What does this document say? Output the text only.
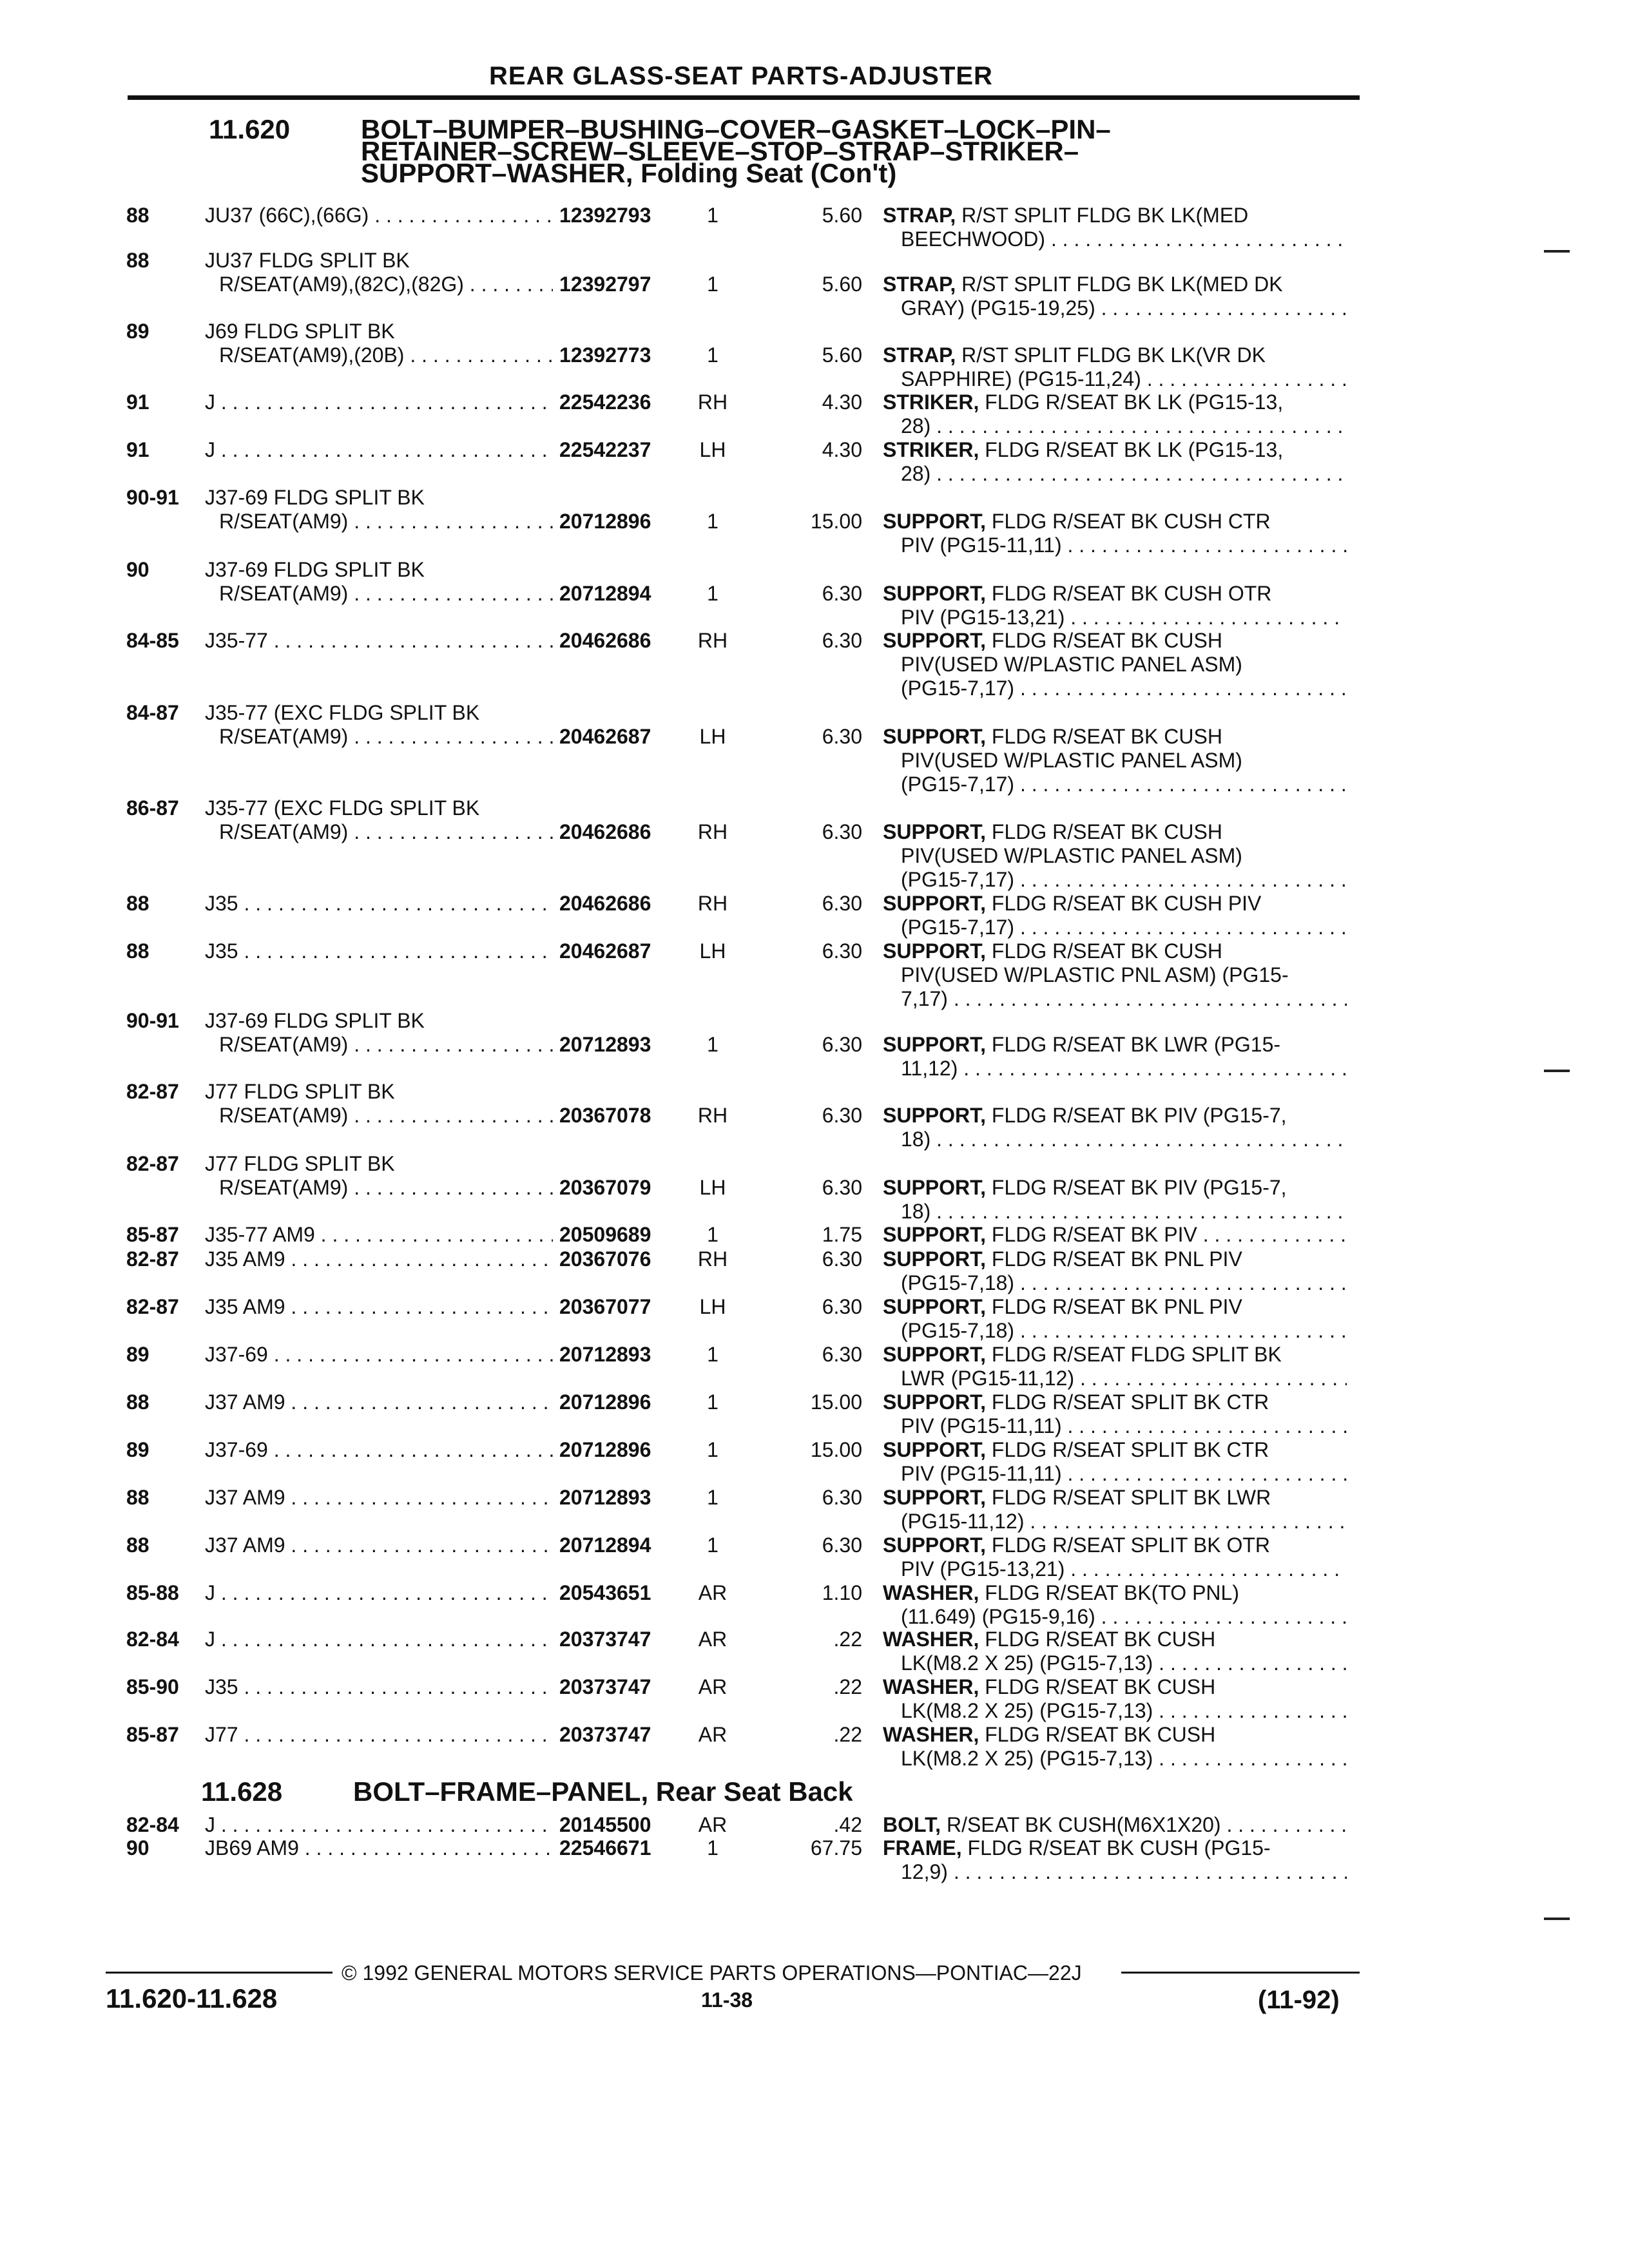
REAR GLASS-SEAT PARTS-ADJUSTER
11.620	BOLT–BUMPER–BUSHING–COVER–GASKET–LOCK–PIN–
RETAINER–SCREW–SLEEVE–STOP–STRAP–STRIKER–
SUPPORT–WASHER, Folding Seat (Con't)
11.628	BOLT–FRAME–PANEL, Rear Seat Back
88	JU37 (66C),(66G) . . .	12392793	1	5.60 STRAP, R/ST SPLIT FLDG BK LK(MED
BEECHWOOD) . . .
88	JU37 FLDG SPLIT BK
R/SEAT(AM9),(82C),(82G) . . .	12392797	1	5.60 STRAP, R/ST SPLIT FLDG BK LK(MED DK
GRAY) (PG15-19,25) . . .
89	J69 FLDG SPLIT BK
R/SEAT(AM9),(20B) . . .	12392773	1	5.60 STRAP, R/ST SPLIT FLDG BK LK(VR DK
SAPPHIRE) (PG15-11,24) . . .
91	J . . .	22542236	RH	4.30 STRIKER, FLDG R/SEAT BK LK (PG15-13,
28) . . .
91	J . . .	22542237	LH	4.30 STRIKER, FLDG R/SEAT BK LK (PG15-13,
28) . . .
90-91 J37-69 FLDG SPLIT BK
R/SEAT(AM9) . . .	20712896	1	15.00 SUPPORT, FLDG R/SEAT BK CUSH CTR
PIV (PG15-11,11) . . .
90	J37-69 FLDG SPLIT BK
R/SEAT(AM9) . . .	20712894	1	6.30 SUPPORT, FLDG R/SEAT BK CUSH OTR
PIV (PG15-13,21) . . .
84-85 J35-77 . . .	20462686	RH	6.30 SUPPORT, FLDG R/SEAT BK CUSH
PIV(USED W/PLASTIC PANEL ASM)
(PG15-7,17) . . .
84-87 J35-77 (EXC FLDG SPLIT BK
R/SEAT(AM9) . . .	20462687	LH	6.30 SUPPORT, FLDG R/SEAT BK CUSH
PIV(USED W/PLASTIC PANEL ASM)
(PG15-7,17) . . .
86-87 J35-77 (EXC FLDG SPLIT BK
R/SEAT(AM9) . . .	20462686	RH	6.30 SUPPORT, FLDG R/SEAT BK CUSH
PIV(USED W/PLASTIC PANEL ASM)
(PG15-7,17) . . .
88	J35 . . .	20462686	RH	6.30 SUPPORT, FLDG R/SEAT BK CUSH PIV
(PG15-7,17) . . .
88	J35 . . .	20462687	LH	6.30 SUPPORT, FLDG R/SEAT BK CUSH
PIV(USED W/PLASTIC PNL ASM) (PG15-
7,17) . . .
90-91 J37-69 FLDG SPLIT BK
R/SEAT(AM9) . . .	20712893	1	6.30 SUPPORT, FLDG R/SEAT BK LWR (PG15-
11,12) . . .
82-87 J77 FLDG SPLIT BK
R/SEAT(AM9) . . .	20367078	RH	6.30 SUPPORT, FLDG R/SEAT BK PIV (PG15-7,
18) . . .
82-87 J77 FLDG SPLIT BK
R/SEAT(AM9) . . .	20367079	LH	6.30 SUPPORT, FLDG R/SEAT BK PIV (PG15-7,
18) . . .
85-87 J35-77 AM9 . . .	20509689	1	1.75 SUPPORT, FLDG R/SEAT BK PIV . . .
82-87 J35 AM9 . . .	20367076	RH	6.30 SUPPORT, FLDG R/SEAT BK PNL PIV
(PG15-7,18) . . .
82-87 J35 AM9 . . .	20367077	LH	6.30 SUPPORT, FLDG R/SEAT BK PNL PIV
(PG15-7,18) . . .
89	J37-69 . . .	20712893	1	6.30 SUPPORT, FLDG R/SEAT FLDG SPLIT BK
LWR (PG15-11,12) . . .
88	J37 AM9 . . .	20712896	1	15.00 SUPPORT, FLDG R/SEAT SPLIT BK CTR
PIV (PG15-11,11) . . .
89	J37-69 . . .	20712896	1	15.00 SUPPORT, FLDG R/SEAT SPLIT BK CTR
PIV (PG15-11,11) . . .
88	J37 AM9 . . .	20712893	1	6.30 SUPPORT, FLDG R/SEAT SPLIT BK LWR
(PG15-11,12) . . .
88	J37 AM9 . . .	20712894	1	6.30 SUPPORT, FLDG R/SEAT SPLIT BK OTR
PIV (PG15-13,21) . . .
85-88 J . . .	20543651	AR	1.10 WASHER, FLDG R/SEAT BK(TO PNL)
(11.649) (PG15-9,16) . . .
82-84 J . . .	20373747	AR	.22 WASHER, FLDG R/SEAT BK CUSH
LK(M8.2 X 25) (PG15-7,13) . . .
85-90 J35 . . .	20373747	AR	.22 WASHER, FLDG R/SEAT BK CUSH
LK(M8.2 X 25) (PG15-7,13) . . .
85-87 J77 . . .	20373747	AR	.22 WASHER, FLDG R/SEAT BK CUSH
LK(M8.2 X 25) (PG15-7,13) . . .
82-84 J . . .	20145500	AR	.42 BOLT, R/SEAT BK CUSH(M6X1X20) . . .
90	JB69 AM9 . . .	22546671	1	67.75 FRAME, FLDG R/SEAT BK CUSH (PG15-
12,9) . . .
© 1992 GENERAL MOTORS SERVICE PARTS OPERATIONS—PONTIAC—22J
11.620-11.628	11-38	(11-92)
